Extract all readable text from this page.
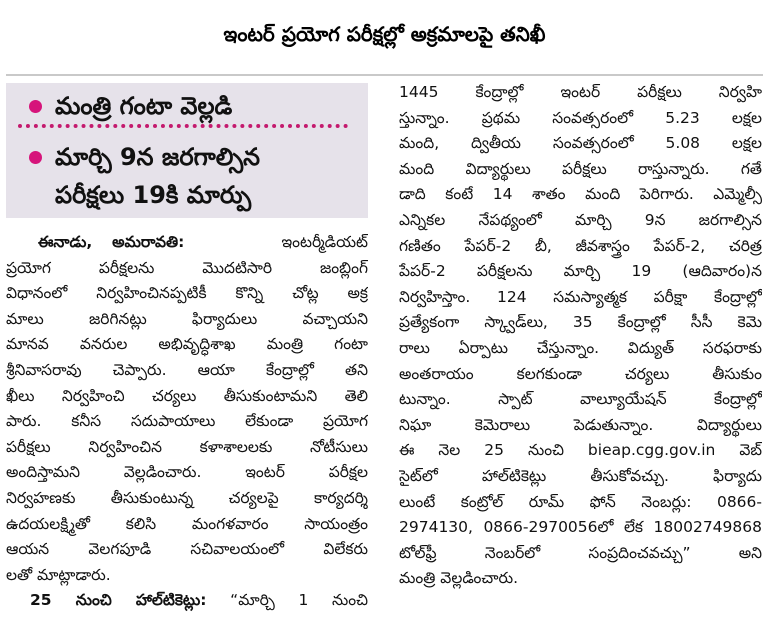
ఇంటర్ ప్రయోగ పరీక్షల్లో అక్రమాలపై తనిఖీ
మంత్రి గంటా వెల్లడి
మార్చి 9న జరగాల్సిన
పరీక్షలు 19కి మార్పు
ఈనాడు, అమరావతి:	ఇంటర్మీడియట్
ప్రయోగ పరీక్షలను మొదటిసారి జంబ్లింగ్
విధానంలో నిర్వహించినప్పటికీ కొన్ని చోట్ల అక్ర
మాలు జరిగినట్లు ఫిర్యాదులు వచ్చాయని
మానవ వనరుల అభివృద్ధిశాఖ మంత్రి గంటా
శ్రీనివాసరావు చెప్పారు. ఆయా కేంద్రాల్లో తని
ఖీలు నిర్వహించి చర్యలు తీసుకుంటామని తెలి
పారు. కనీస సదుపాయాలు లేకుండా ప్రయోగ
పరీక్షలు నిర్వహించిన కళాశాలలకు నోటీసులు
అందిస్తామని వెల్లడించారు. ఇంటర్ పరీక్షల
నిర్వహణకు తీసుకుంటున్న చర్యలపై కార్యదర్శి
ఉదయలక్ష్మితో కలిసి మంగళవారం సాయంత్రం
ఆయన వెలగపూడి సచివాలయంలో విలేకరు
లతో మాట్లాడారు.
25 నుంచి హాల్‌టికెట్లు: “మార్చి 1 నుంచి
1445 కేంద్రాల్లో ఇంటర్ పరీక్షలు నిర్వహి
స్తున్నాం. ప్రథమ సంవత్సరంలో 5.23 లక్షల
మంది, ద్వితీయ సంవత్సరంలో 5.08 లక్షల
మంది విద్యార్థులు పరీక్షలు రాస్తున్నారు. గతే
డాది కంటే 14 శాతం మంది పెరిగారు. ఎమ్మెల్సీ
ఎన్నికల నేపథ్యంలో మార్చి 9న జరగాల్సిన
గణితం పేపర్-2 బీ, జీవశాస్త్రం పేపర్-2, చరిత్ర
పేపర్-2 పరీక్షలను మార్చి 19 (ఆదివారం)న
నిర్వహిస్తాం. 124 సమస్యాత్మక పరీక్షా కేంద్రాల్లో
ప్రత్యేకంగా స్క్వాడ్‌లు, 35 కేంద్రాల్లో సీసీ కెమె
రాలు ఏర్పాటు చేస్తున్నాం. విద్యుత్ సరఫరాకు
అంతరాయం కలగకుండా చర్యలు తీసుకుం
టున్నాం. స్పాట్ వాల్యూయేషన్ కేంద్రాల్లో
నిఘా కెమెరాలు పెడుతున్నాం. విద్యార్థులు
ఈ నెల 25 నుంచి bieap.cgg.gov.in వెబ్
సైట్‌లో హాల్‌టికెట్లు తీసుకోవచ్చు. ఫిర్యాదు
లుంటే కంట్రోల్ రూమ్ ఫోన్ నెంబర్లు: 0866-
2974130, 0866-2970056లో లేక 18002749868
టోల్‌ఫ్రీ నెంబర్‌లో సంప్రదించవచ్చు” అని
మంత్రి వెల్లడించారు.
